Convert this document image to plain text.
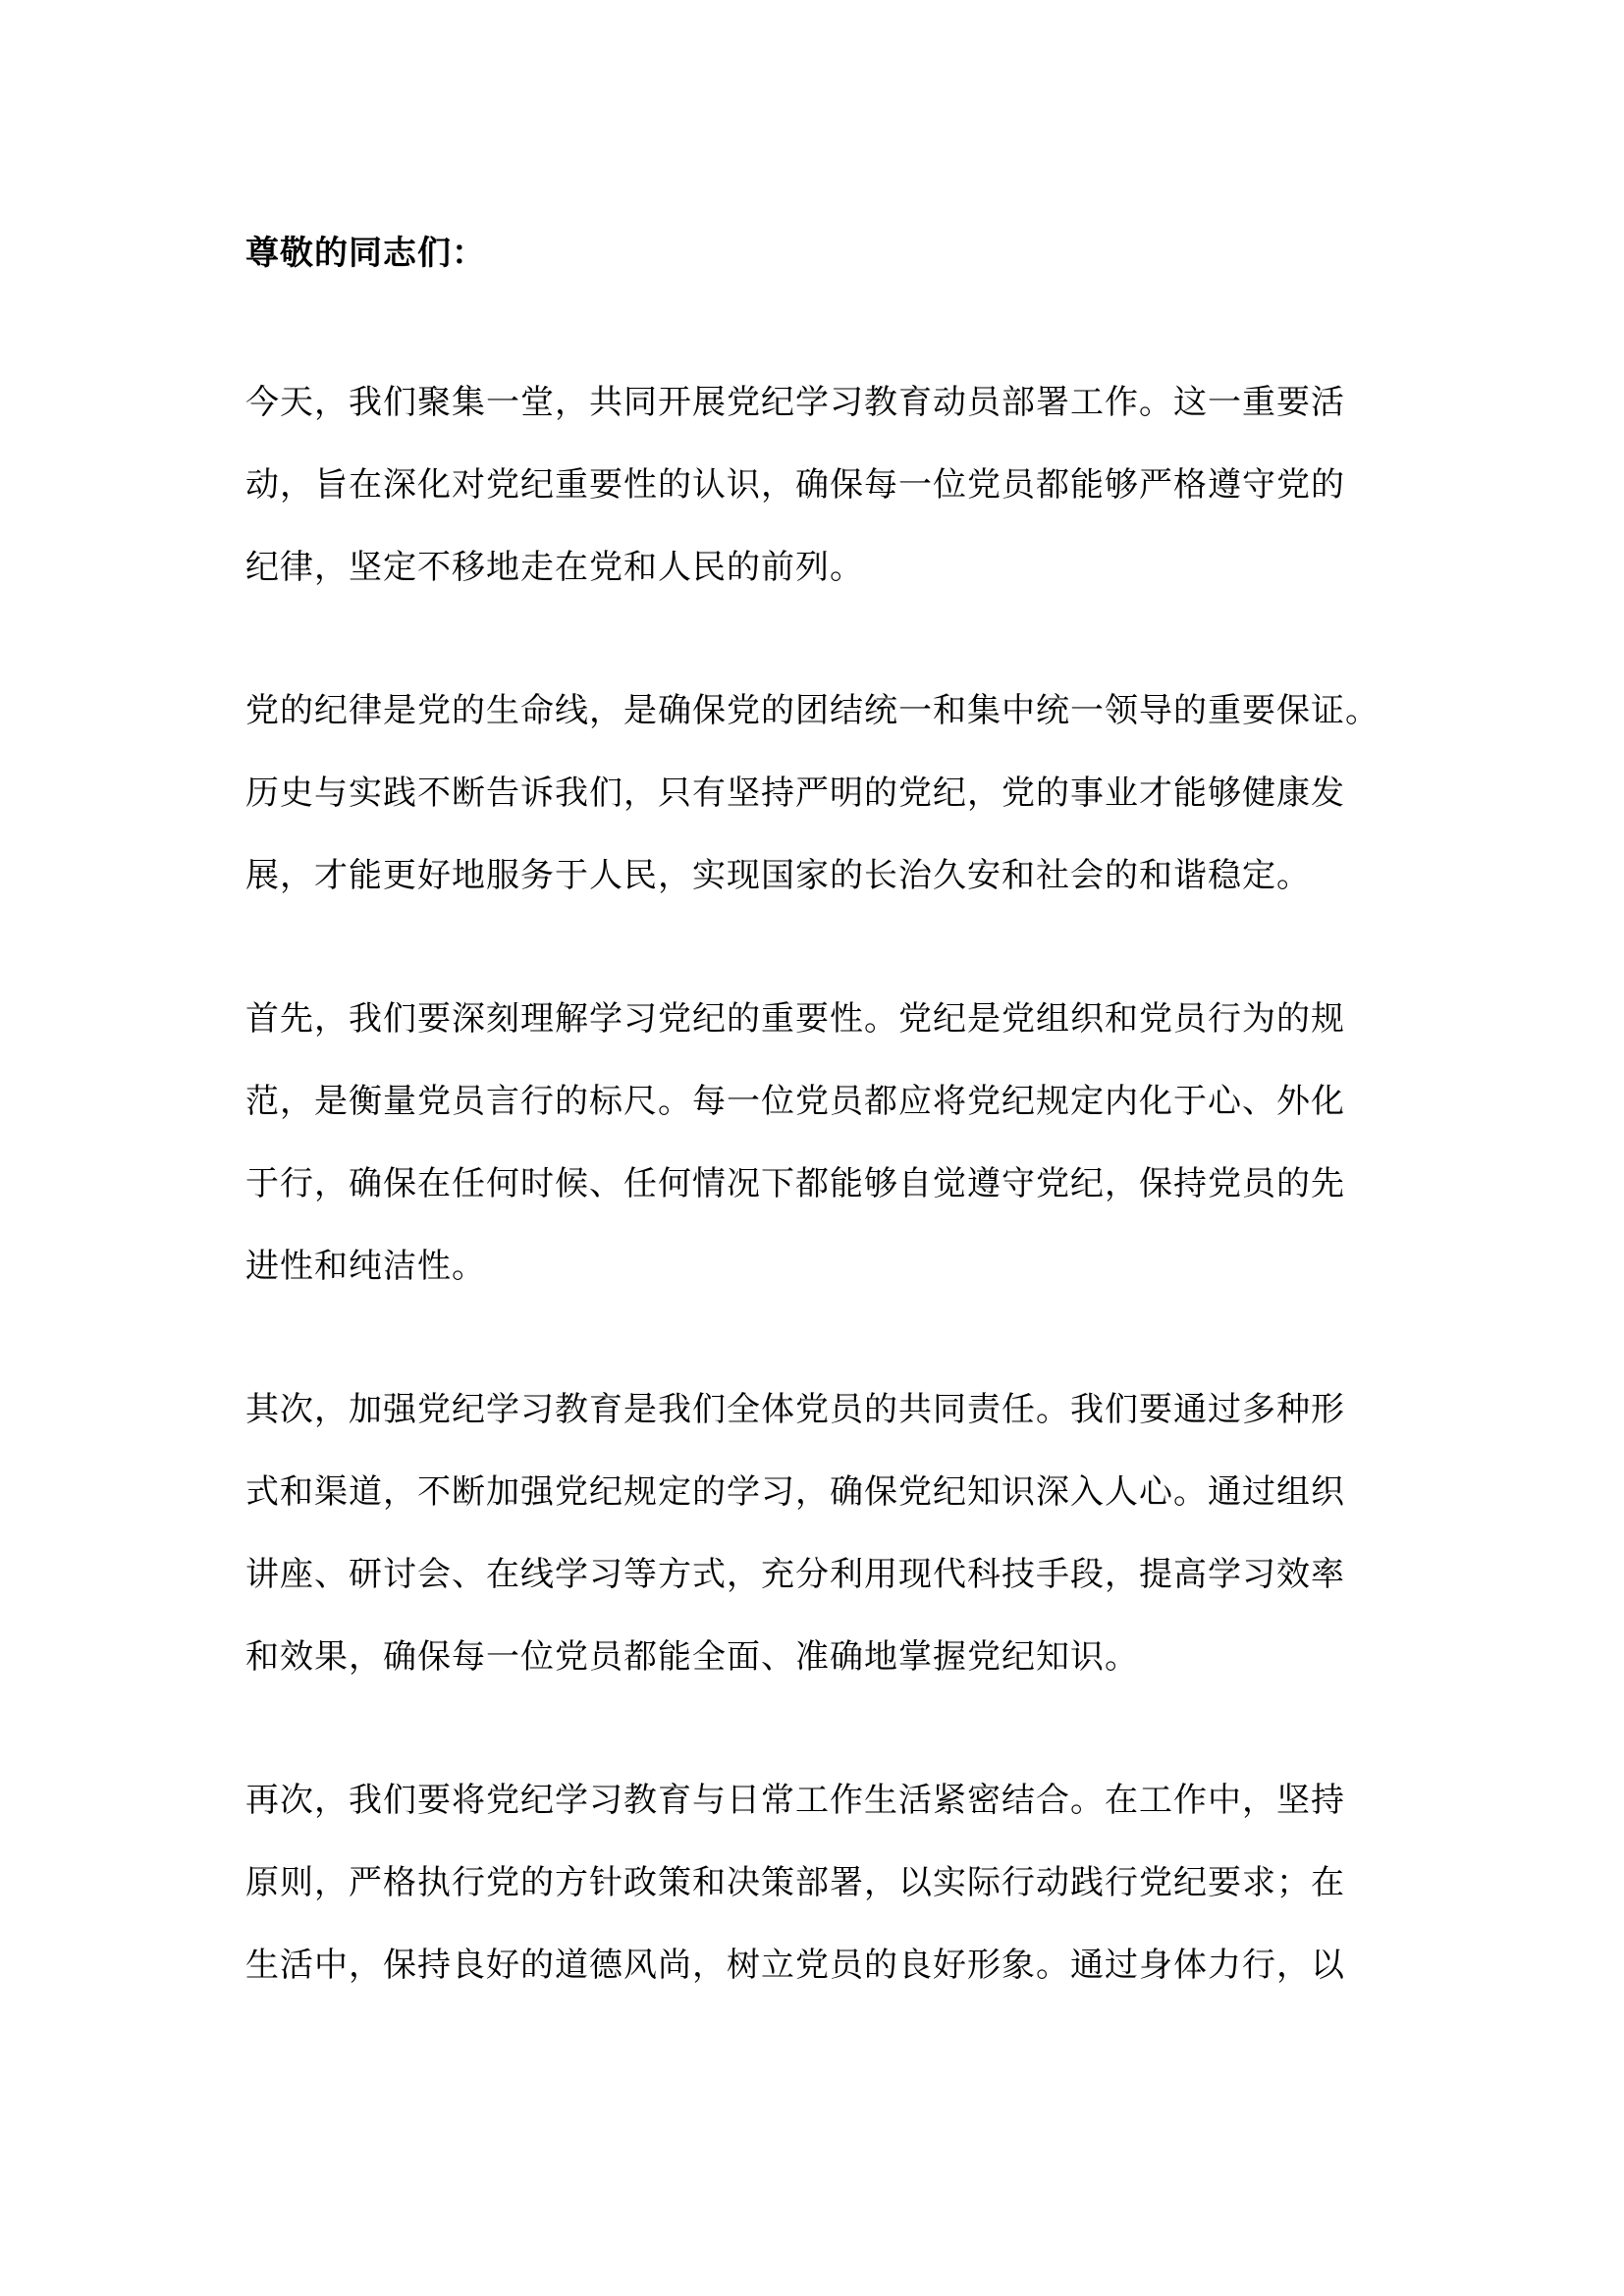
尊敬的同志们：

今天，我们聚集一堂，共同开展党纪学习教育动员部署工作。这一重要活
动，旨在深化对党纪重要性的认识，确保每一位党员都能够严格遵守党的
纪律，坚定不移地走在党和人民的前列。

党的纪律是党的生命线，是确保党的团结统一和集中统一领导的重要保证。
历史与实践不断告诉我们，只有坚持严明的党纪，党的事业才能够健康发
展，才能更好地服务于人民，实现国家的长治久安和社会的和谐稳定。

首先，我们要深刻理解学习党纪的重要性。党纪是党组织和党员行为的规
范，是衡量党员言行的标尺。每一位党员都应将党纪规定内化于心、外化
于行，确保在任何时候、任何情况下都能够自觉遵守党纪，保持党员的先
进性和纯洁性。

其次，加强党纪学习教育是我们全体党员的共同责任。我们要通过多种形
式和渠道，不断加强党纪规定的学习，确保党纪知识深入人心。通过组织
讲座、研讨会、在线学习等方式，充分利用现代科技手段，提高学习效率
和效果，确保每一位党员都能全面、准确地掌握党纪知识。

再次，我们要将党纪学习教育与日常工作生活紧密结合。在工作中，坚持
原则，严格执行党的方针政策和决策部署，以实际行动践行党纪要求；在
生活中，保持良好的道德风尚，树立党员的良好形象。通过身体力行，以
